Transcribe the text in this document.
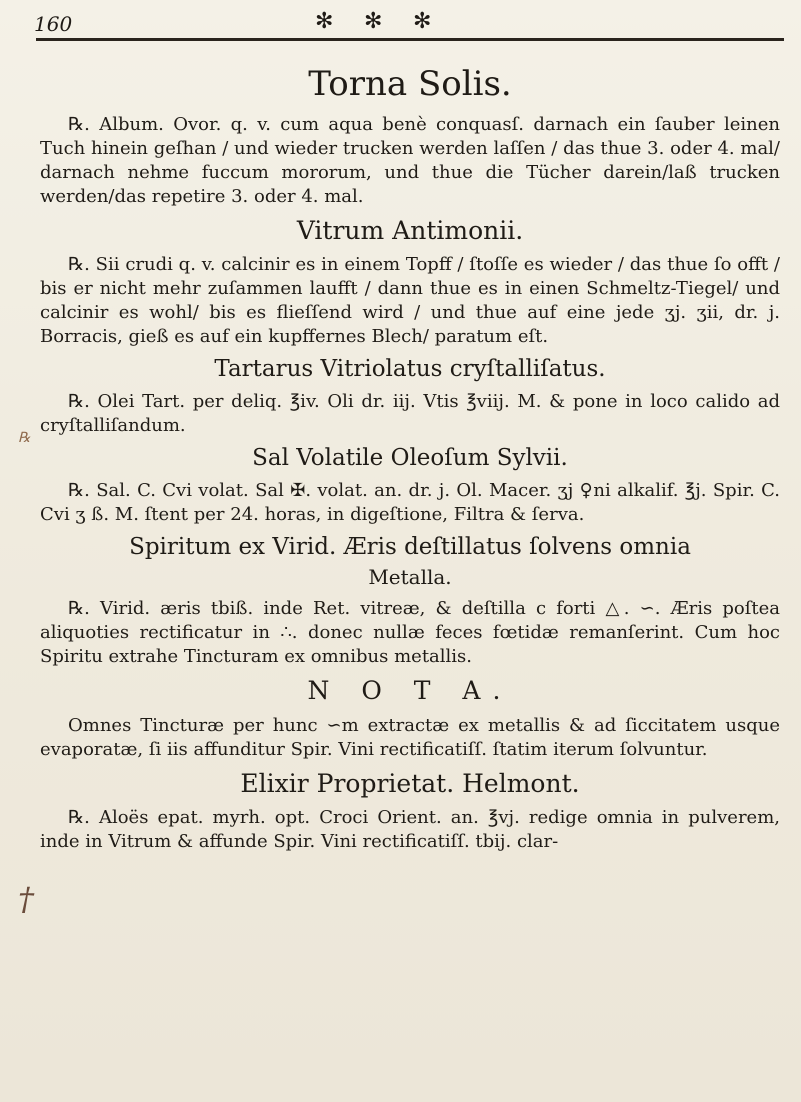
160	✻ ✻ ✻
℞
†
Torna Solis.
℞. Album. Ovor. q. v. cum aqua benè conquasſ. darnach ein ſauber leinen Tuch hinein geſhan / und wieder trucken werden laſſen / das thue 3. oder 4. mal/ darnach nehme fuccum mororum, und thue die Tücher darein/laß trucken werden/das repetire 3. oder 4. mal.
Vitrum Antimonii.
℞. Sii crudi q. v. calcinir es in einem Topff / ſtoſſe es wieder / das thue ſo offt / bis er nicht mehr zuſammen laufft / dann thue es in einen Schmeltz-Tiegel/ und calcinir es wohl/ bis es flieſſend wird / und thue auf eine jede ʒj. ʒii, dr. j. Borracis, gieß es auf ein kupffernes Blech/ paratum eſt.
Tartarus Vitriolatus cryſtalliſatus.
℞. Olei Tart. per deliq. ℥iv. Oli dr. iij. Vtis ℥viij. M. & pone in loco calido ad cryſtalliſandum.
Sal Volatile Oleoſum Sylvii.
℞. Sal. C. Cvi volat. Sal ✠. volat. an. dr. j. Ol. Macer. ʒj ♀ni alkalif. ℥j. Spir. C. Cvi ʒ ß. M. ſtent per 24. horas, in digeſtione, Filtra & ſerva.
Spiritum ex Virid. Æris deſtillatus ſolvens omnia
Metalla.
℞. Virid. æris tbiß. inde Ret. vitreæ, & deſtilla c forti △. ∽. Æris poſtea aliquoties rectificatur in ∴. donec nullæ feces fœtidæ remanſerint. Cum hoc Spiritu extrahe Tincturam ex omnibus metallis.
N O T A.
Omnes Tincturæ per hunc ∽m extractæ ex metallis & ad ſiccitatem usque evaporatæ, ſi iis affunditur Spir. Vini rectificatiſſ. ſtatim iterum ſolvuntur.
Elixir Proprietat. Helmont.
℞. Aloës epat. myrh. opt. Croci Orient. an. ℥vj. redige omnia in pulverem, inde in Vitrum & affunde Spir. Vini rectificatiſſ. tbij. clar-
